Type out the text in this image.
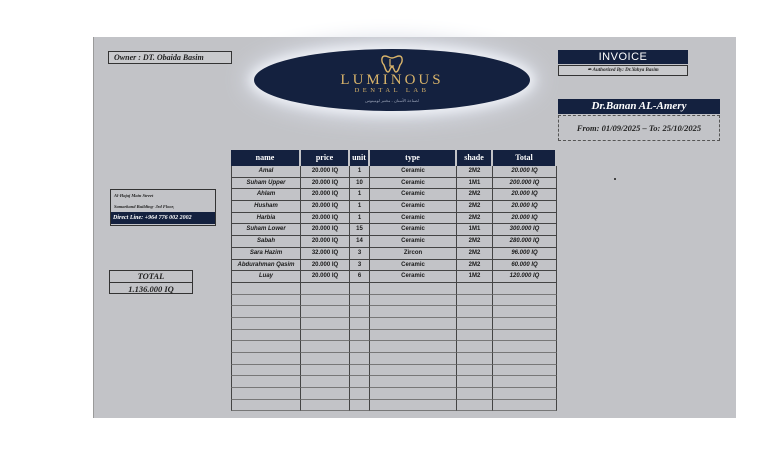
Owner : DT. Obaida Basim
LUMINOUS
DENTAL LAB
لصناعة الأسنان - مختبر لومينوس
INVOICE
✒ Authorized By: Dr.Yahya Basim
Dr.Banan AL-Amery
From: 01/09/2025 – To: 25/10/2025
Al-Hajaj Main Street
Samarkand Building- 3rd Floor,
Direct Line: +964 776 002 2002
TOTAL
1.136.000 IQ
name	price	unit	type	shade	Total
Amal	20.000 IQ	1	Ceramic	2M2	20.000 IQ
Suham Upper	20.000 IQ	10	Ceramic	1M1	200.000 IQ
Ahlam	20.000 IQ	1	Ceramic	2M2	20.000 IQ
Husham	20.000 IQ	1	Ceramic	2M2	20.000 IQ
Harbia	20.000 IQ	1	Ceramic	2M2	20.000 IQ
Suham Lower	20.000 IQ	15	Ceramic	1M1	300.000 IQ
Sabah	20.000 IQ	14	Ceramic	2M2	280.000 IQ
Sara Hazim	32.000 IQ	3	Zircon	2M2	96.000 IQ
Abdurahman Qasim	20.000 IQ	3	Ceramic	2M2	60.000 IQ
Luay	20.000 IQ	6	Ceramic	1M2	120.000 IQ
